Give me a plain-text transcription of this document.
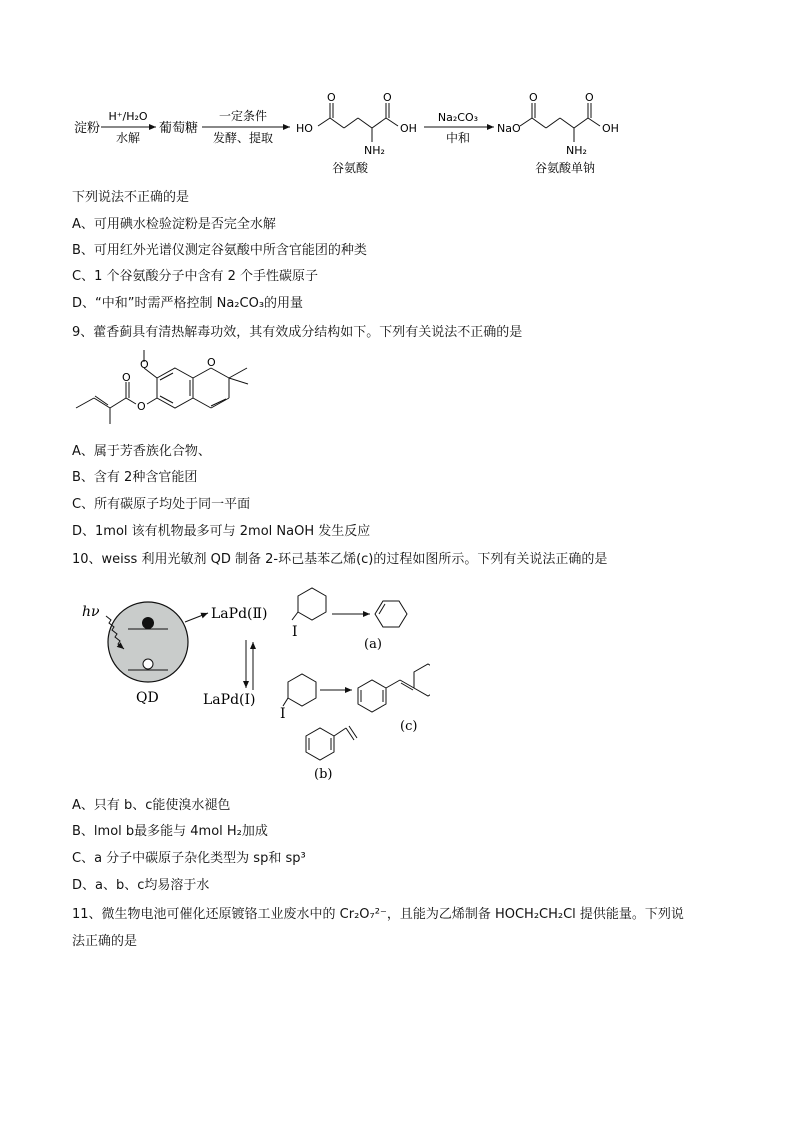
淀粉
H⁺/H₂O
水解
葡萄糖
一定条件
发酵、提取
HO
O	O
OH
NH₂
谷氨酸
Na₂CO₃
中和
NaO
O	O
OH
NH₂
谷氨酸单钠
下列说法不正确的是
A、可用碘水检验淀粉是否完全水解
B、可用红外光谱仪测定谷氨酸中所含官能团的种类
C、1 个谷氨酸分子中含有 2 个手性碳原子
D、“中和”时需严格控制 Na₂CO₃的用量
9、藿香蓟具有清热解毒功效，其有效成分结构如下。下列有关说法不正确的是
O
O
O
O
A、属于芳香族化合物、
B、含有 2种含官能团
C、所有碳原子均处于同一平面
D、1mol 该有机物最多可与 2mol NaOH 发生反应
10、weiss 利用光敏剂 QD 制备 2-环己基苯乙烯(c)的过程如图所示。下列有关说法正确的是
hν
QD
LaPd(Ⅱ)
I
(a)
LaPd(Ⅰ)
I
(c)
(b)
A、只有 b、c能使溴水褪色
B、lmol b最多能与 4mol H₂加成
C、a 分子中碳原子杂化类型为 sp和 sp³
D、a、b、c均易溶于水
11、微生物电池可催化还原镀铬工业废水中的 Cr₂O₇²⁻，且能为乙烯制备 HOCH₂CH₂Cl 提供能量。下列说
法正确的是
